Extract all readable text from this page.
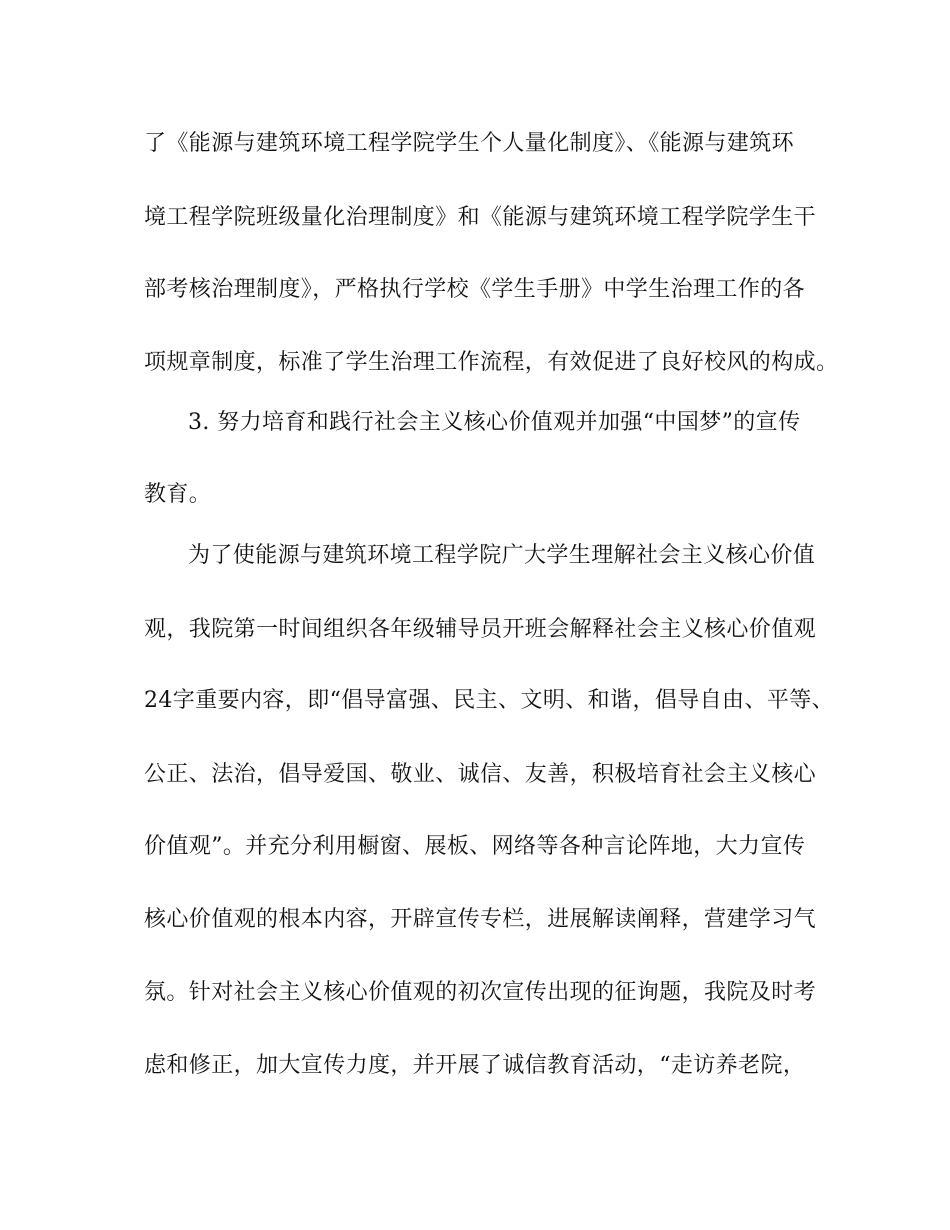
了《能源与建筑环境工程学院学生个人量化制度》、《能源与建筑环
境工程学院班级量化治理制度》和《能源与建筑环境工程学院学生干
部考核治理制度》，严格执行学校《学生手册》中学生治理工作的各
项规章制度，标准了学生治理工作流程，有效促进了良好校风的构成。
3. 努力培育和践行社会主义核心价值观并加强“中国梦”的宣传
教育。
为了使能源与建筑环境工程学院广大学生理解社会主义核心价值
观，我院第一时间组织各年级辅导员开班会解释社会主义核心价值观
24字重要内容，即“倡导富强、民主、文明、和谐，倡导自由、平等、
公正、法治，倡导爱国、敬业、诚信、友善，积极培育社会主义核心
价值观”。并充分利用橱窗、展板、网络等各种言论阵地，大力宣传
核心价值观的根本内容，开辟宣传专栏，进展解读阐释，营建学习气
氛。针对社会主义核心价值观的初次宣传出现的征询题，我院及时考
虑和修正，加大宣传力度，并开展了诚信教育活动，“走访养老院，
